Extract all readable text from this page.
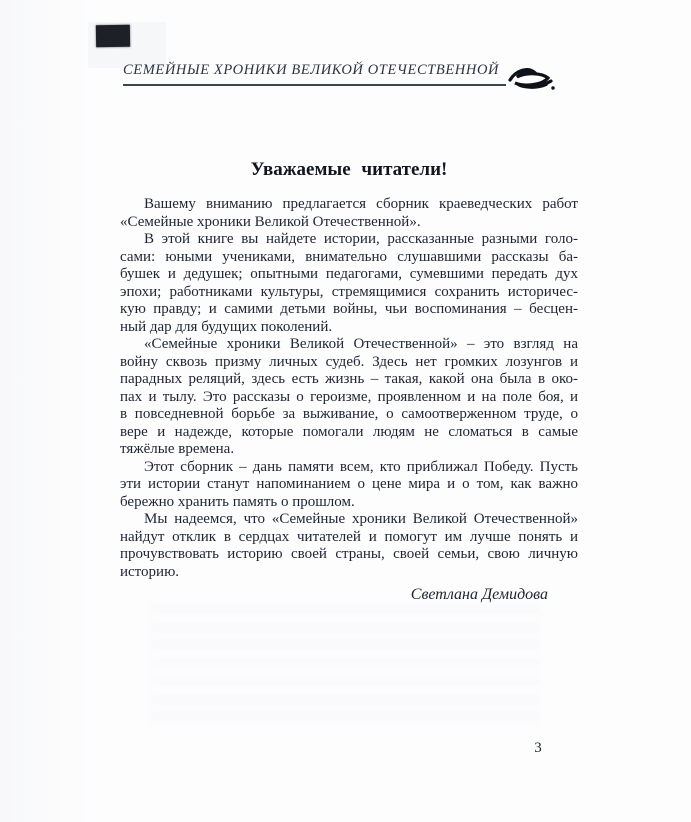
СЕМЕЙНЫЕ ХРОНИКИ ВЕЛИКОЙ ОТЕЧЕСТВЕННОЙ
Уважаемые читатели!
Вашему вниманию предлагается сборник краеведческих работ
«Семейные хроники Великой Отечественной».
В этой книге вы найдете истории, рассказанные разными голо-
сами: юными учениками, внимательно слушавшими рассказы ба-
бушек и дедушек; опытными педагогами, сумевшими передать дух
эпохи; работниками культуры, стремящимися сохранить историчес-
кую правду; и самими детьми войны, чьи воспоминания – бесцен-
ный дар для будущих поколений.
«Семейные хроники Великой Отечественной» – это взгляд на
войну сквозь призму личных судеб. Здесь нет громких лозунгов и
парадных реляций, здесь есть жизнь – такая, какой она была в око-
пах и тылу. Это рассказы о героизме, проявленном и на поле боя, и
в повседневной борьбе за выживание, о самоотверженном труде, о
вере и надежде, которые помогали людям не сломаться в самые
тяжёлые времена.
Этот сборник – дань памяти всем, кто приближал Победу. Пусть
эти истории станут напоминанием о цене мира и о том, как важно
бережно хранить память о прошлом.
Мы надеемся, что «Семейные хроники Великой Отечественной»
найдут отклик в сердцах читателей и помогут им лучше понять и
прочувствовать историю своей страны, своей семьи, свою личную
историю.
Светлана Демидова
3
